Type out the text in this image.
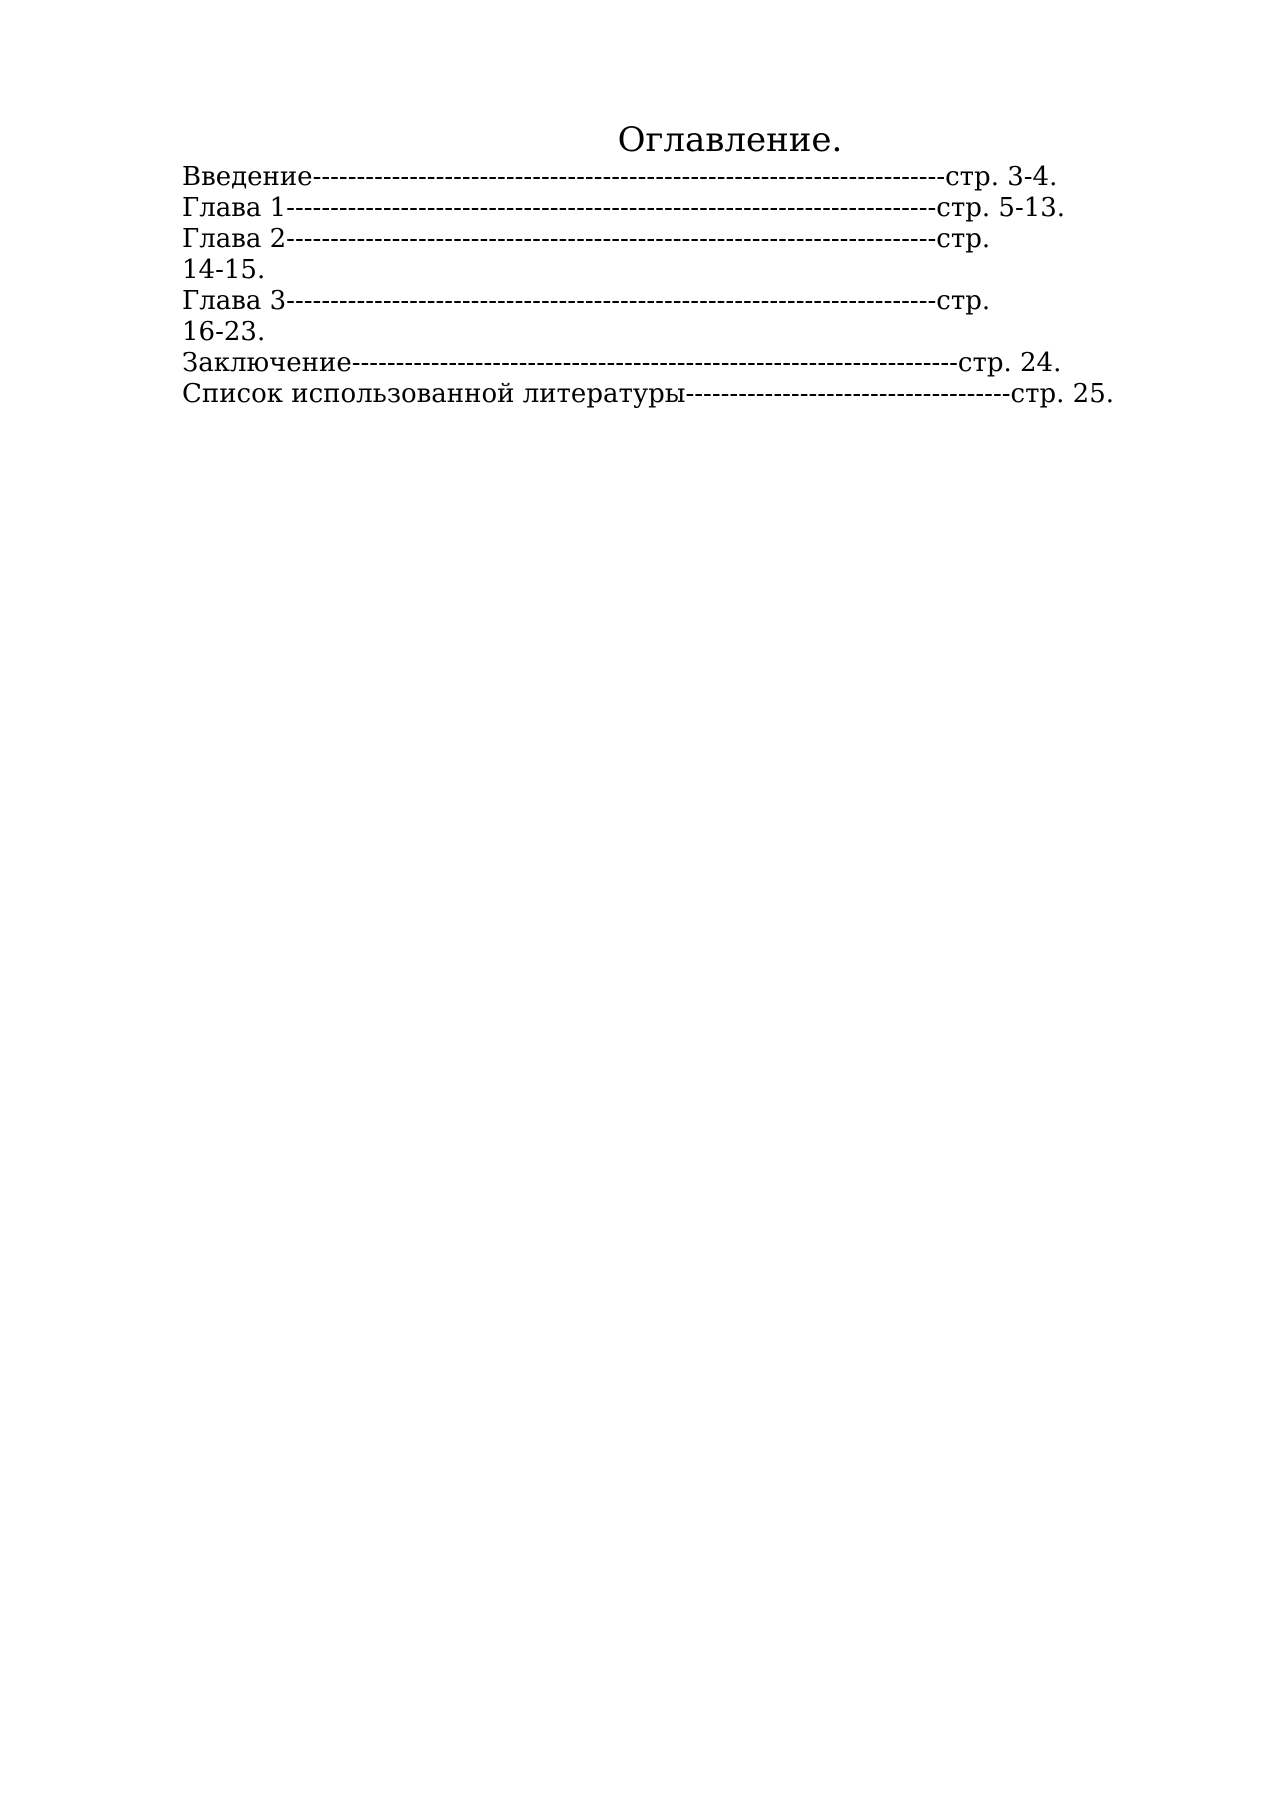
Оглавление.
Введение------------------------------------------------------------------------стр. 3-4.
Глава 1--------------------------------------------------------------------------стр. 5-13.
Глава 2--------------------------------------------------------------------------стр.
14-15.
Глава 3--------------------------------------------------------------------------стр.
16-23.
Заключение---------------------------------------------------------------------стр. 24.
Список использованной литературы-------------------------------------стр. 25.
